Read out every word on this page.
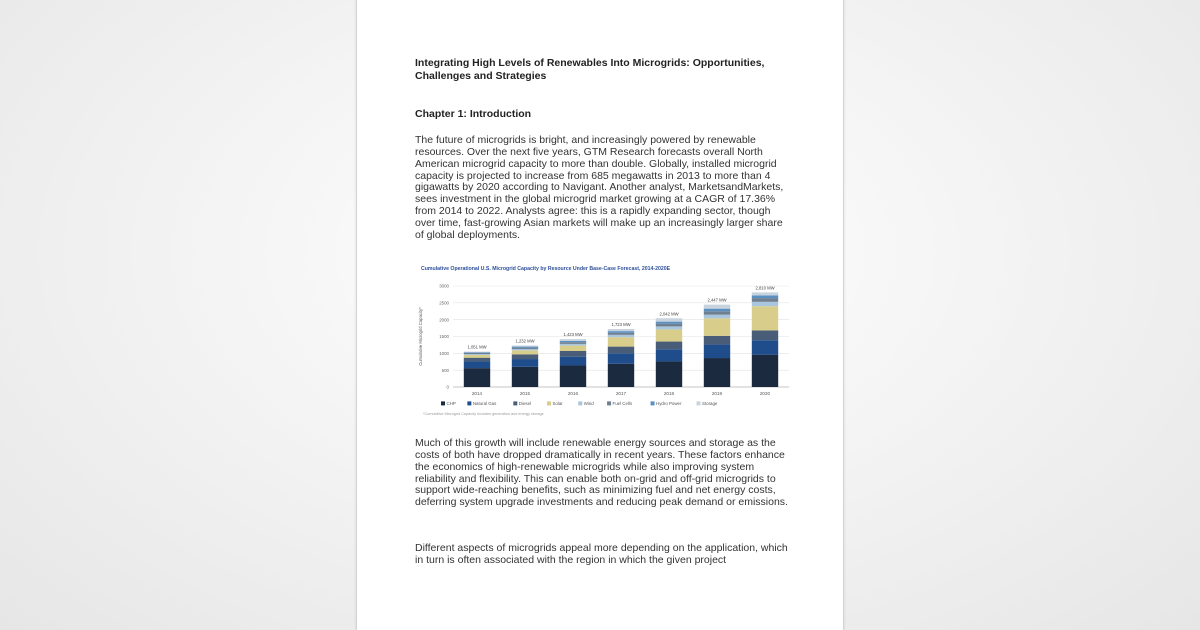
Integrating High Levels of Renewables Into Microgrids: Opportunities, Challenges and Strategies
Chapter 1: Introduction
The future of microgrids is bright, and increasingly powered by renewable resources. Over the next five years, GTM Research forecasts overall North American microgrid capacity to more than double. Globally, installed microgrid capacity is projected to increase from 685 megawatts in 2013 to more than 4 gigawatts by 2020 according to Navigant. Another analyst, MarketsandMarkets, sees investment in the global microgrid market growing at a CAGR of 17.36% from 2014 to 2022. Analysts agree: this is a rapidly expanding sector, though over time, fast-growing Asian markets will make up an increasingly larger share of global deployments.
Cumulative Operational U.S. Microgrid Capacity by Resource Under Base-Case Forecast, 2014-2020E
Cumulative Microgrid Capacity*
0
500
1000
1500
2000
2500
3000
1,051 MW
2014
1,232 MW
2015
1,423 MW
2016
1,723 MW
2017
2,042 MW
2018
2,447 MW
2019
2,810 MW
2020
CHP	Natural Gas	Diesel	Solar	Wind	Fuel Cells	Hydro Power	Storage
*Cumulative Microgrid Capacity includes generation and energy storage
Much of this growth will include renewable energy sources and storage as the costs of both have dropped dramatically in recent years. These factors enhance the economics of high-renewable microgrids while also improving system reliability and flexibility. This can enable both on-grid and off-grid microgrids to support wide-reaching benefits, such as minimizing fuel and net energy costs, deferring system upgrade investments and reducing peak demand or emissions.
Different aspects of microgrids appeal more depending on the application, which in turn is often associated with the region in which the given project
